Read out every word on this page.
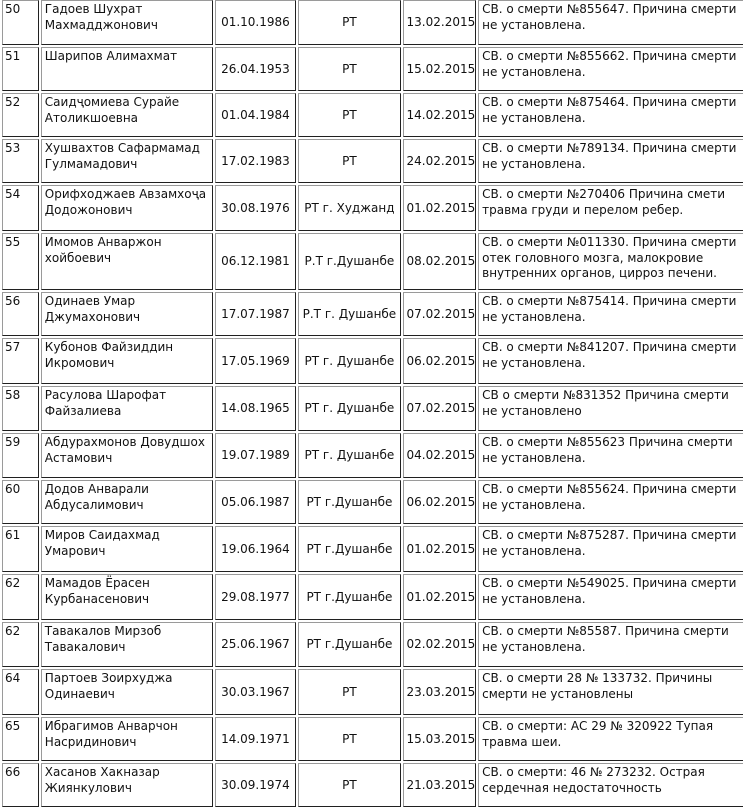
50	Гадоев Шухрат Махмадджонович	01.10.1986	РТ	13.02.2015	СВ. о смерти №855647. Причина смерти не установлена.
51	Шарипов Алимахмат	26.04.1953	РТ	15.02.2015	СВ. о смерти №855662. Причина смерти не установлена.
52	Саидҷомиева Сурайе Атоликшоевна	01.04.1984	РТ	14.02.2015	СВ. о смерти №875464. Причина смерти не установлена.
53	Хушвахтов Сафармамад Гулмамадович	17.02.1983	РТ	24.02.2015	СВ. о смерти №789134. Причина смерти не установлена.
54	Орифходжаев Авзамхоҷа Додожонович	30.08.1976	РТ г. Худжанд	01.02.2015	СВ. о смерти №270406 Причина смети травма груди и перелом ребер.
55	Имомов Анваржон хойбоевич	06.12.1981	Р.Т г.Душанбе	08.02.2015	СВ. о смерти №011330. Причина смерти отек головного мозга, малокровие внутренних органов, цирроз печени.
56	Одинаев Умар Джумахонович	17.07.1987	Р.Т г. Душанбе	07.02.2015	СВ. о смерти №875414. Причина смерти не установлена.
57	Кубонов Файзиддин Икромович	17.05.1969	РТ г. Душанбе	06.02.2015	СВ. о смерти №841207. Причина смерти не установлена.
58	Расулова Шарофат Файзалиева	14.08.1965	РТ г. Душанбе	07.02.2015	СВ о смерти №831352 Причина смерти не установлено
59	Абдурахмонов Довудшох Астамович	19.07.1989	РТ г. Душанбе	04.02.2015	СВ. о смерти №855623 Причина смерти не установлена.
60	Додов Анварали Абдусалимович	05.06.1987	РТ г.Душанбе	06.02.2015	СВ. о смерти №855624. Причина смерти не установлена.
61	Миров Саидахмад Умарович	19.06.1964	РТ г.Душанбе	01.02.2015	СВ. о смерти №875287. Причина смерти не установлена.
62	Мамадов Ёрасен Курбанасенович	29.08.1977	РТ г.Душанбе	01.02.2015	СВ. о смерти №549025. Причина смерти не установлена.
62	Тавакалов Мирзоб Тавакалович	25.06.1967	РТ г.Душанбе	02.02.2015	СВ. о смерти №85587. Причина смерти не установлена.
64	Партоев Зоирхуджа Одинаевич	30.03.1967	РТ	23.03.2015	СВ. о смерти 28 № 133732. Причины смерти не установлены
65	Ибрагимов Анварчон Насридинович	14.09.1971	РТ	15.03.2015	СВ. о смерти: АС 29 № 320922 Тупая травма шеи.
66	Хасанов Хакназар Жиянкулович	30.09.1974	РТ	21.03.2015	СВ. о смерти: 46 № 273232. Острая сердечная недостаточность
